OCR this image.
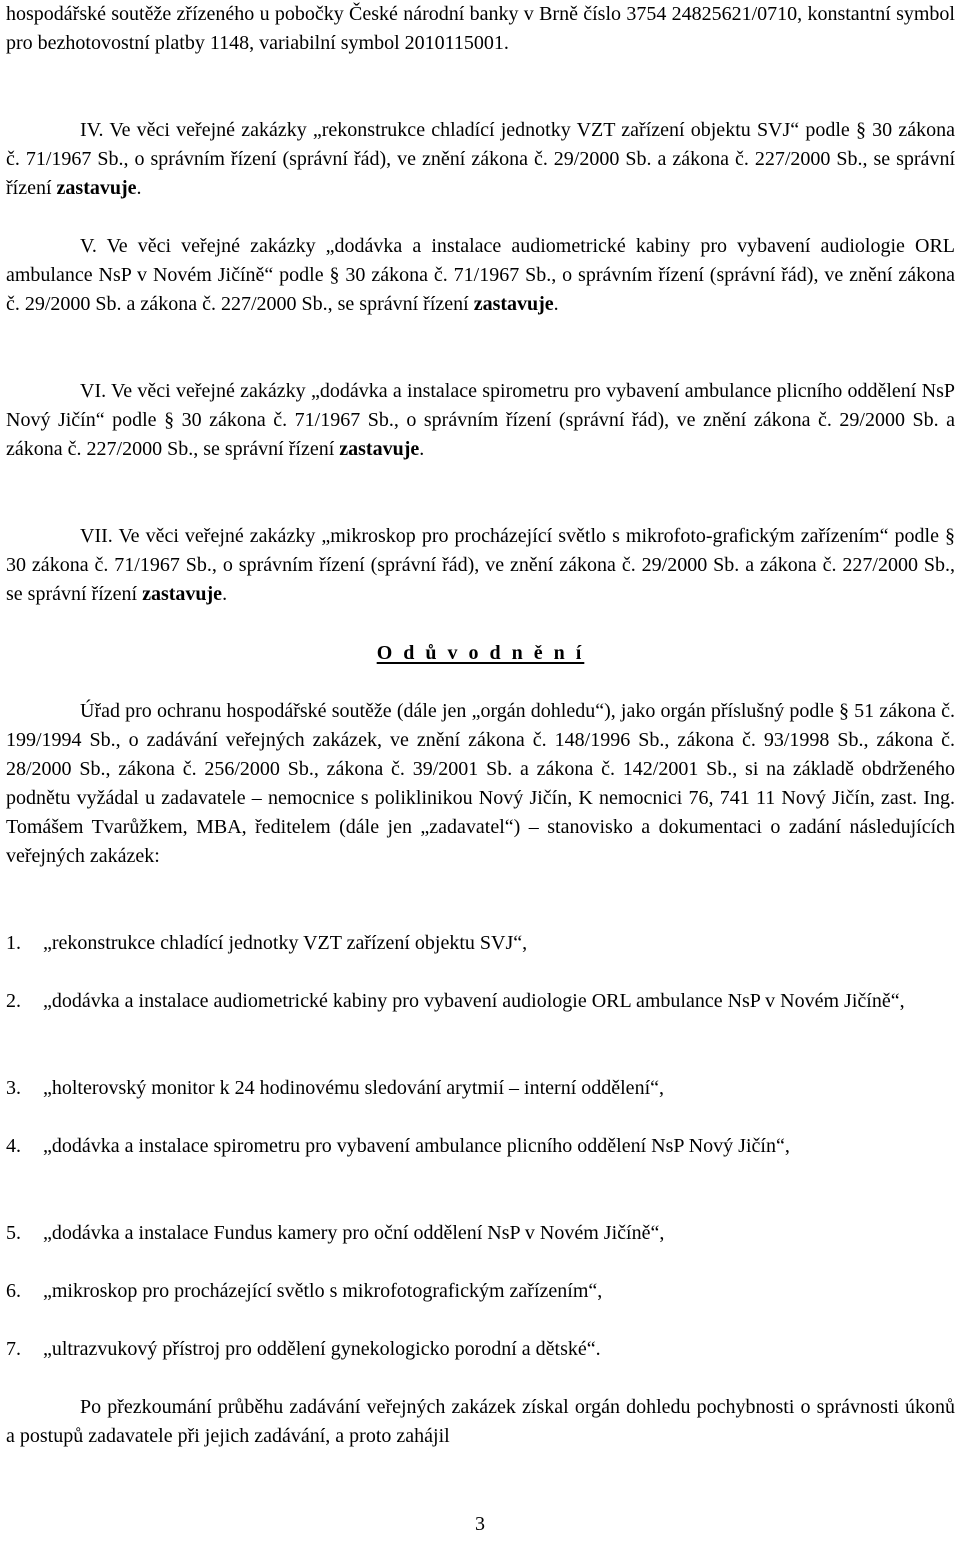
hospodářské soutěže zřízeného u pobočky České národní banky v Brně číslo 3754 24825621/0710, konstantní symbol pro bezhotovostní platby 1148, variabilní symbol 2010115001.

IV. Ve věci veřejné zakázky „rekonstrukce chladící jednotky VZT zařízení objektu SVJ“ podle § 30 zákona č. 71/1967 Sb., o správním řízení (správní řád), ve znění zákona č. 29/2000 Sb. a zákona č. 227/2000 Sb., se správní řízení zastavuje.

V. Ve věci veřejné zakázky „dodávka a instalace audiometrické kabiny pro vybavení audiologie ORL ambulance NsP v Novém Jičíně“ podle § 30 zákona č. 71/1967 Sb., o správním řízení (správní řád), ve znění zákona č. 29/2000 Sb. a zákona č. 227/2000 Sb., se správní řízení zastavuje.

VI. Ve věci veřejné zakázky „dodávka a instalace spirometru pro vybavení ambulance plicního oddělení NsP Nový Jičín“ podle § 30 zákona č. 71/1967 Sb., o správním řízení (správní řád), ve znění zákona č. 29/2000 Sb. a zákona č. 227/2000 Sb., se správní řízení zastavuje.

VII. Ve věci veřejné zakázky „mikroskop pro procházející světlo s mikrofoto-grafickým zařízením“ podle § 30 zákona č. 71/1967 Sb., o správním řízení (správní řád), ve znění zákona č. 29/2000 Sb. a zákona č. 227/2000 Sb., se správní řízení zastavuje.

O d ů v o d n ě n í

Úřad pro ochranu hospodářské soutěže (dále jen „orgán dohledu“), jako orgán příslušný podle § 51 zákona č. 199/1994 Sb., o zadávání veřejných zakázek, ve znění zákona č. 148/1996 Sb., zákona č. 93/1998 Sb., zákona č. 28/2000 Sb., zákona č. 256/2000 Sb., zákona č. 39/2001 Sb. a zákona č. 142/2001 Sb., si na základě obdrženého podnětu vyžádal u zadavatele – nemocnice s poliklinikou Nový Jičín, K nemocnici 76, 741 11 Nový Jičín, zast. Ing. Tomášem Tvarůžkem, MBA, ředitelem (dále jen „zadavatel“) – stanovisko a dokumentaci o zadání následujících veřejných zakázek:

1. „rekonstrukce chladící jednotky VZT zařízení objektu SVJ“,
2. „dodávka a instalace audiometrické kabiny pro vybavení audiologie ORL ambulance NsP v Novém Jičíně“,
3. „holterovský monitor k 24 hodinovému sledování arytmií – interní oddělení“,
4. „dodávka a instalace spirometru pro vybavení ambulance plicního oddělení NsP Nový Jičín“,
5. „dodávka a instalace Fundus kamery pro oční oddělení NsP v Novém Jičíně“,
6. „mikroskop pro procházející světlo s mikrofotografickým zařízením“,
7. „ultrazvukový přístroj pro oddělení gynekologicko porodní a dětské“.

Po přezkoumání průběhu zadávání veřejných zakázek získal orgán dohledu pochybnosti o správnosti úkonů a postupů zadavatele při jejich zadávání, a proto zahájil

3
